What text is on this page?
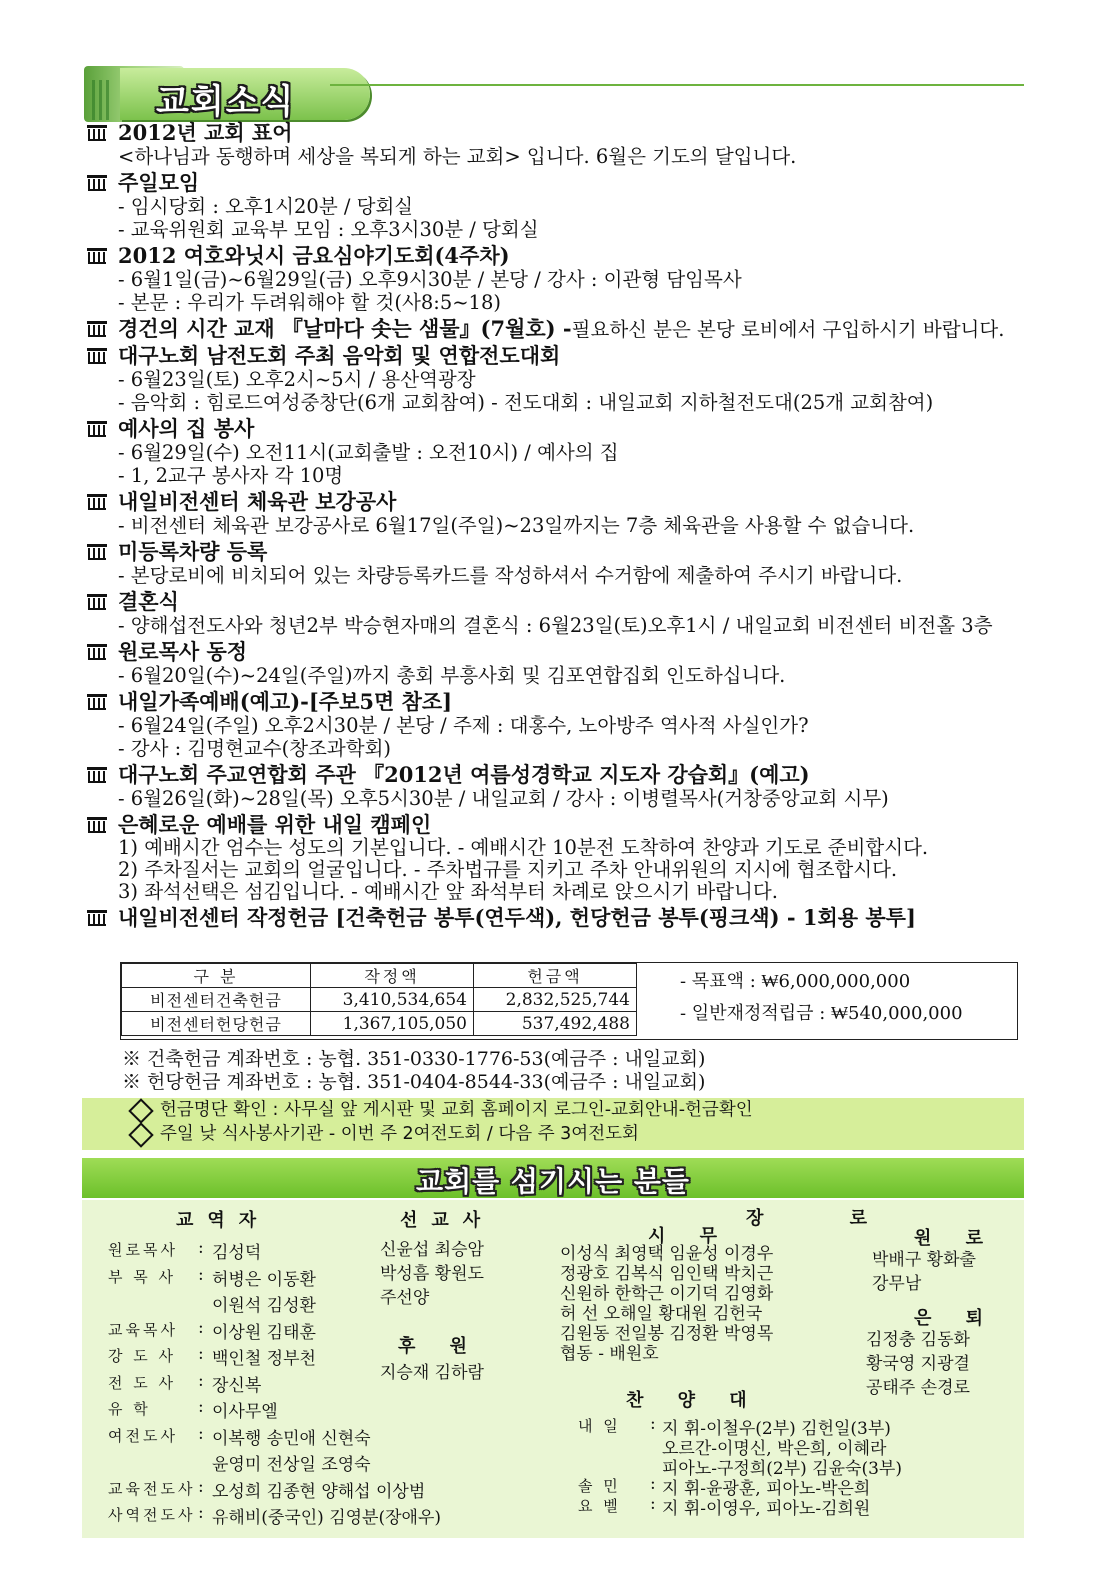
교회소식
2012년 교회 표어
<하나님과 동행하며 세상을 복되게 하는 교회> 입니다. 6월은 기도의 달입니다.
주일모임
- 임시당회 : 오후1시20분 / 당회실
- 교육위원회 교육부 모임 : 오후3시30분 / 당회실
2012 여호와닛시 금요심야기도회(4주차)
- 6월1일(금)~6월29일(금) 오후9시30분 / 본당 / 강사 : 이관형 담임목사
- 본문 : 우리가 두려워해야 할 것(사8:5~18)
경건의 시간 교재 『날마다 솟는 샘물』(7월호) - 필요하신 분은 본당 로비에서 구입하시기 바랍니다.
대구노회 남전도회 주최 음악회 및 연합전도대회
- 6월23일(토) 오후2시~5시 / 용산역광장
- 음악회 : 힘로드여성중창단(6개 교회참여) - 전도대회 : 내일교회 지하철전도대(25개 교회참여)
예사의 집 봉사
- 6월29일(수) 오전11시(교회출발 : 오전10시) / 예사의 집
- 1, 2교구 봉사자 각 10명
내일비전센터 체육관 보강공사
- 비전센터 체육관 보강공사로 6월17일(주일)~23일까지는 7층 체육관을 사용할 수 없습니다.
미등록차량 등록
- 본당로비에 비치되어 있는 차량등록카드를 작성하셔서 수거함에 제출하여 주시기 바랍니다.
결혼식
- 양해섭전도사와 청년2부 박승현자매의 결혼식 : 6월23일(토)오후1시 / 내일교회 비전센터 비전홀 3층
원로목사 동정
- 6월20일(수)~24일(주일)까지 총회 부흥사회 및 김포연합집회 인도하십니다.
내일가족예배(예고)-[주보5면 참조]
- 6월24일(주일) 오후2시30분 / 본당 / 주제 : 대홍수, 노아방주 역사적 사실인가?
- 강사 : 김명현교수(창조과학회)
대구노회 주교연합회 주관 『2012년 여름성경학교 지도자 강습회』(예고)
- 6월26일(화)~28일(목) 오후5시30분 / 내일교회 / 강사 : 이병렬목사(거창중앙교회 시무)
은혜로운 예배를 위한 내일 캠페인
1) 예배시간 엄수는 성도의 기본입니다. - 예배시간 10분전 도착하여 찬양과 기도로 준비합시다.
2) 주차질서는 교회의 얼굴입니다. - 주차법규를 지키고 주차 안내위원의 지시에 협조합시다.
3) 좌석선택은 섬김입니다. - 예배시간 앞 좌석부터 차례로 앉으시기 바랍니다.
내일비전센터 작정헌금 [건축헌금 봉투(연두색), 헌당헌금 봉투(핑크색) - 1회용 봉투]
구 분	작정액	헌금액
비전센터건축헌금	3,410,534,654	2,832,525,744
비전센터헌당헌금	1,367,105,050	537,492,488
- 목표액 : ₩6,000,000,000
- 일반재정적립금 : ₩540,000,000
※ 건축헌금 계좌번호 : 농협. 351-0330-1776-53(예금주 : 내일교회)
※ 헌당헌금 계좌번호 : 농협. 351-0404-8544-33(예금주 : 내일교회)
헌금명단 확인 : 사무실 앞 게시판 및 교회 홈페이지 로그인-교회안내-헌금확인
주일 낮 식사봉사기관 - 이번 주 2여전도회 / 다음 주 3여전도회
교회를 섬기시는 분들
교역자
원로목사 : 김성덕
부 목 사 : 허병은 이동환
이원석 김성환
교육목사 : 이상원 김태훈
강 도 사 : 백인철 정부천
전 도 사 : 장신복
유 학	: 이사무엘
여전도사 : 이복행 송민애 신현숙
윤영미 전상일 조영숙
교육전도사 : 오성희 김종현 양해섭 이상범
사역전도사 : 유해비(중국인) 김영분(장애우)
선교사
신윤섭 최승암
박성흠 황원도
주선양
후 원
지승재 김하람
장 로
시 무
이성식 최영택 임윤성 이경우
정광호 김복식 임인택 박치근
신원하 한학근 이기덕 김영화
허 선 오해일 황대원 김헌국
김원동 전일봉 김정환 박영목
협동 - 배원호
원 로
박배구 황화출
강무남
은 퇴
김정충 김동화
황국영 지광결
공태주 손경로
찬 양 대
내 일 : 지 휘-이철우(2부) 김헌일(3부)
오르간-이명신, 박은희, 이혜라
피아노-구정희(2부) 김윤숙(3부)
솔 민 : 지 휘-윤광훈, 피아노-박은희
요 벨 : 지 휘-이영우, 피아노-김희원
